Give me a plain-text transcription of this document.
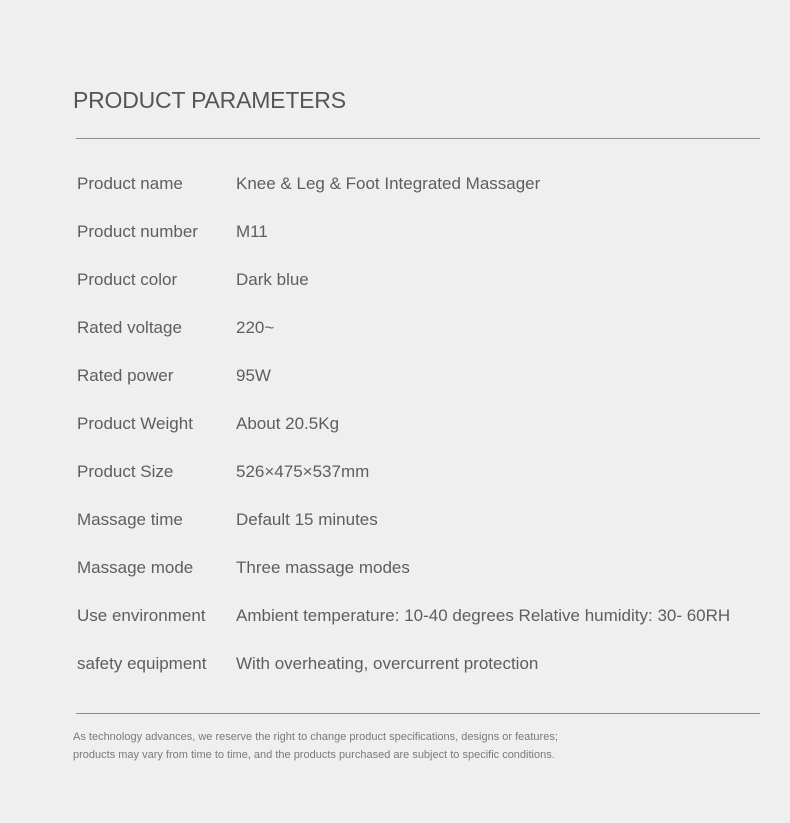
PRODUCT PARAMETERS
Product name	Knee & Leg & Foot Integrated Massager
Product number	M11
Product color	Dark blue
Rated voltage	220~
Rated power	95W
Product Weight	About 20.5Kg
Product Size	526×475×537mm
Massage time	Default 15 minutes
Massage mode	Three massage modes
Use environment	Ambient temperature: 10-40 degrees Relative humidity: 30- 60RH
safety equipment	With overheating, overcurrent protection
As technology advances, we reserve the right to change product specifications, designs or features;
products may vary from time to time, and the products purchased are subject to specific conditions.
